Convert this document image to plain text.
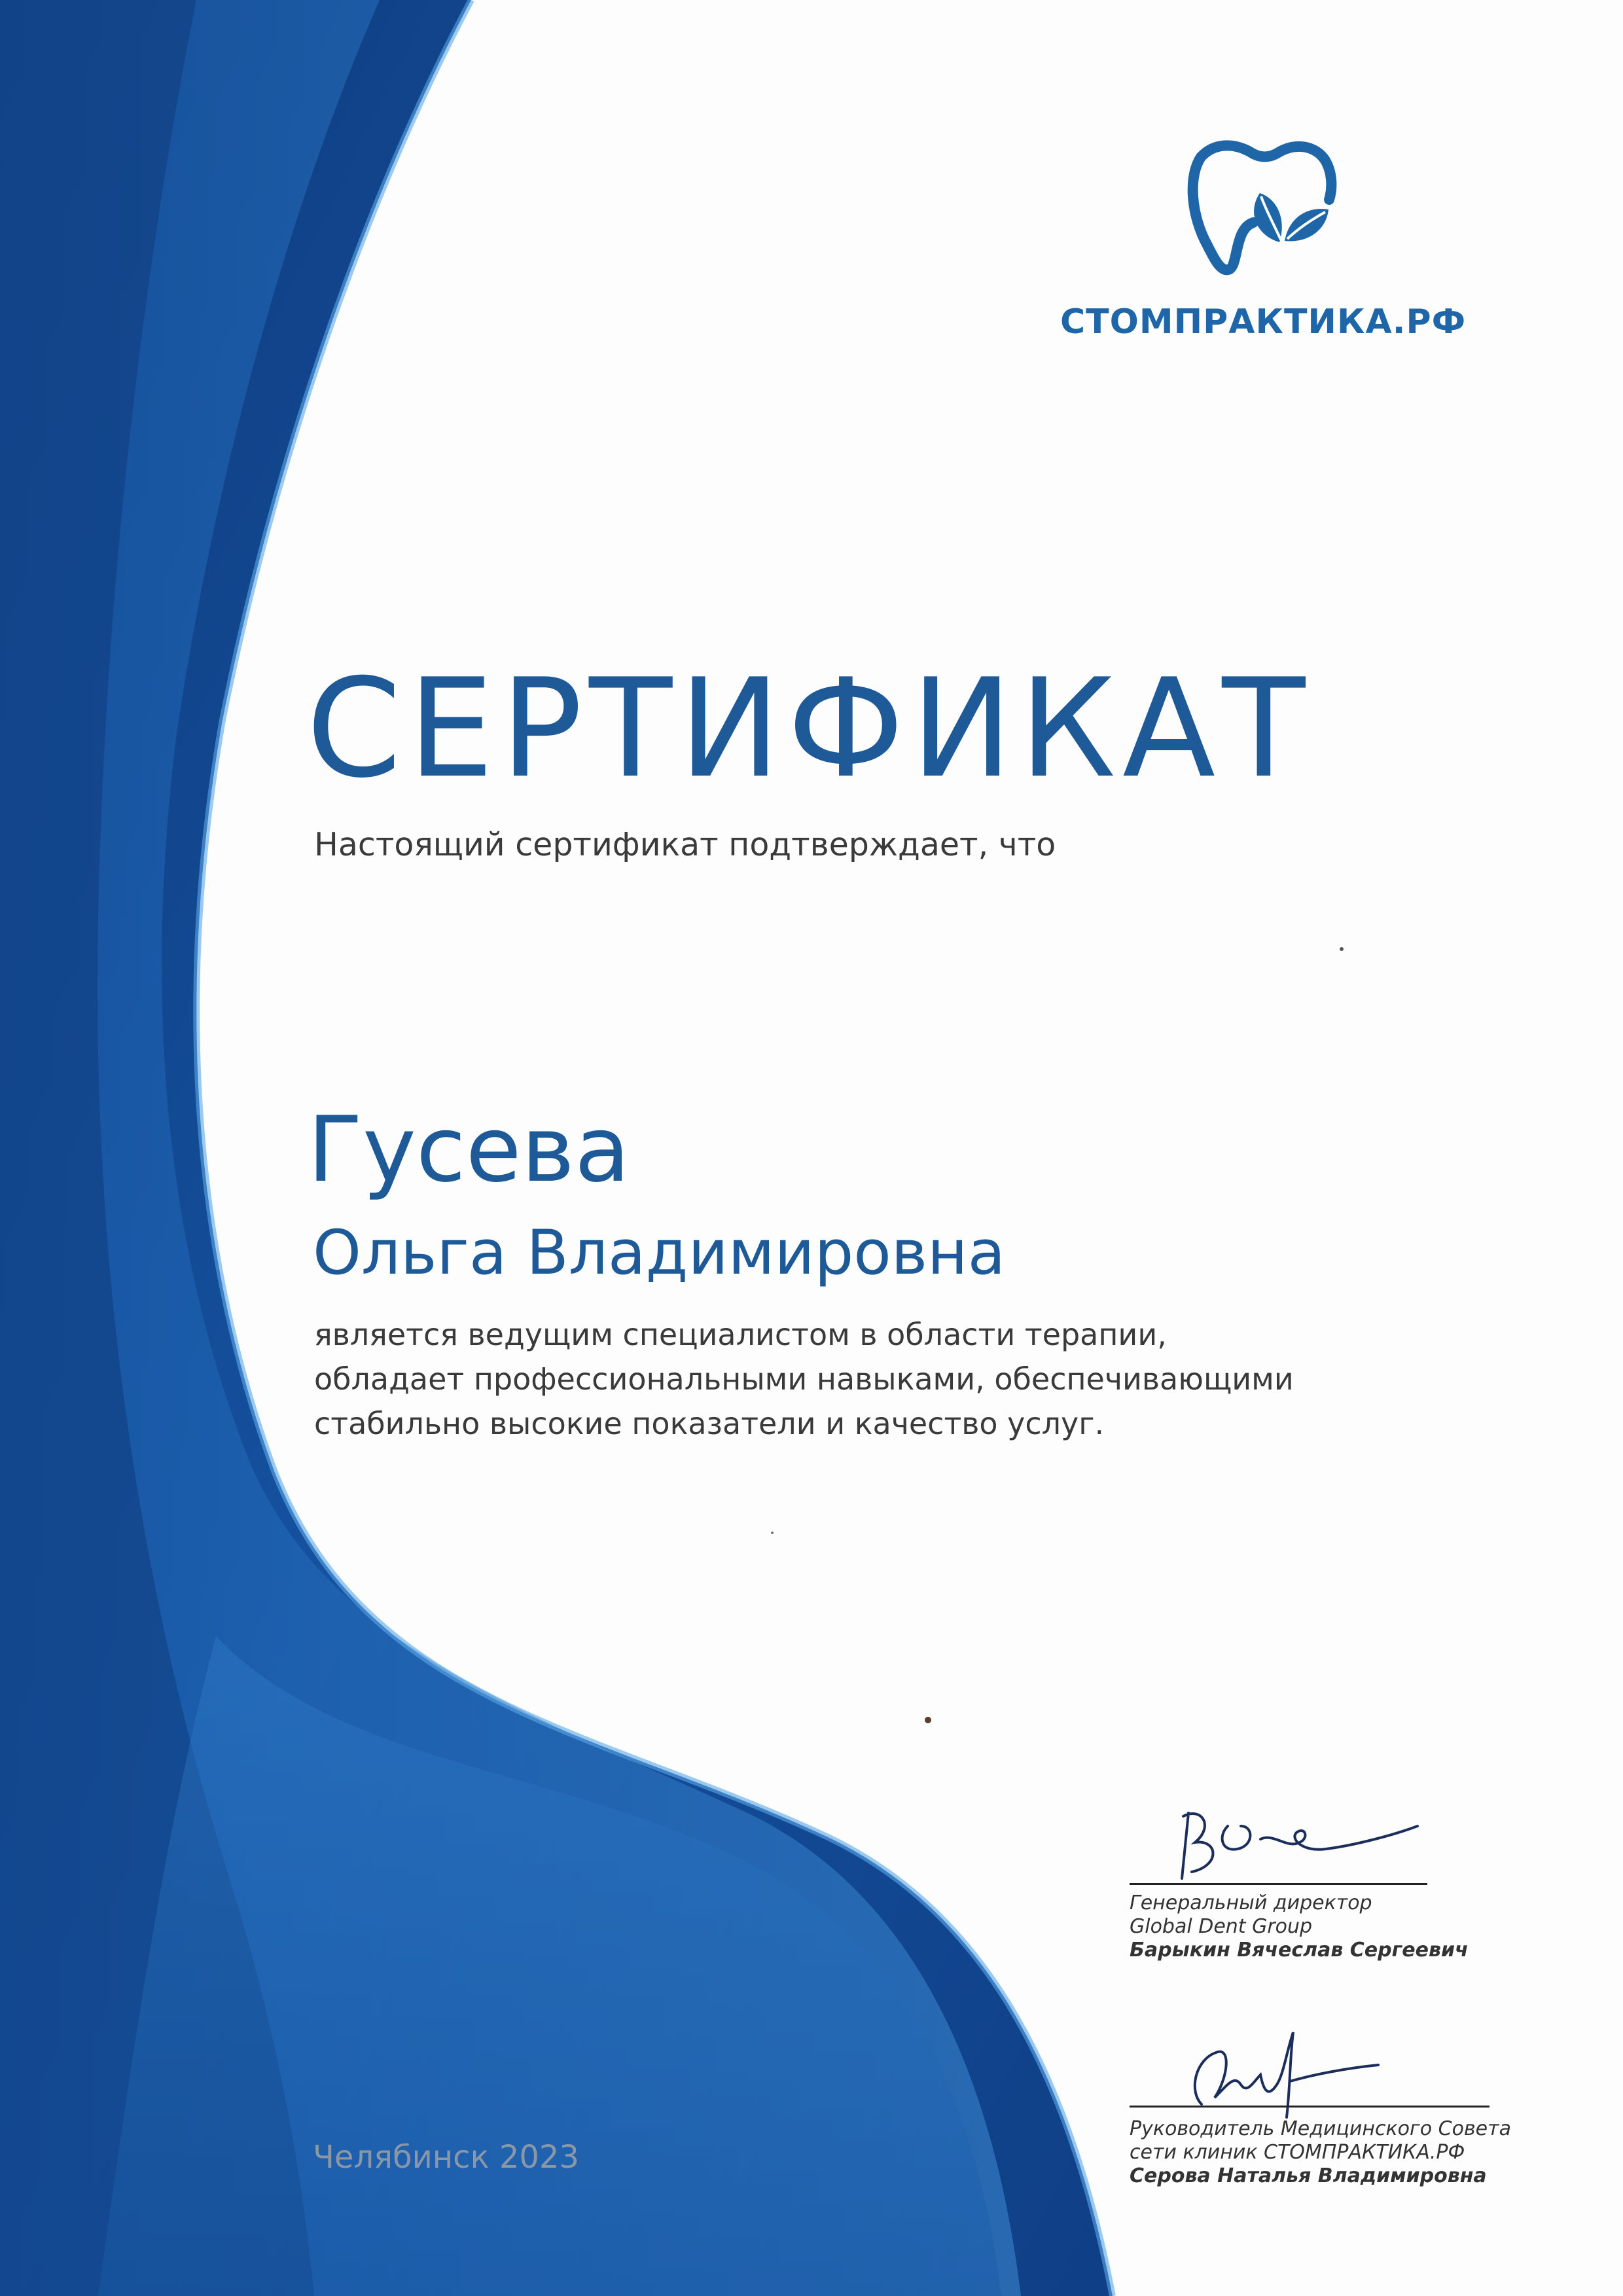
СТОМПРАКТИКА.РФ
СЕРТИФИКАТ
Настоящий сертификат подтверждает, что
Гусева
Ольга Владимировна
является ведущим специалистом в области терапии,
обладает профессиональными навыками, обеспечивающими
стабильно высокие показатели и качество услуг.
Генеральный директор
Global Dent Group
Барыкин Вячеслав Сергеевич
Руководитель Медицинского Совета
сети клиник СТОМПРАКТИКА.РФ
Серова Наталья Владимировна
Челябинск 2023
